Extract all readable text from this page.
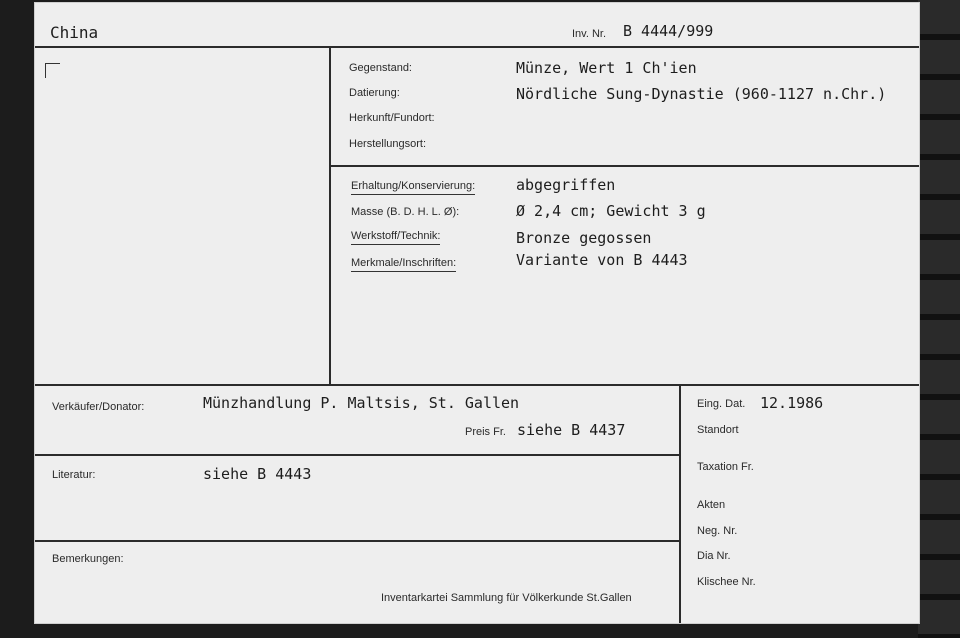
China	Inv. Nr. B 4444/999
Gegenstand:	Münze, Wert 1 Ch'ien
Datierung:	Nördliche Sung-Dynastie (960-1127 n.Chr.)
Herkunft/Fundort:
Herstellungsort:
Erhaltung/Konservierung:	abgegriffen
Masse (B. D. H. L. Ø):	Ø 2,4 cm; Gewicht 3 g
Werkstoff/Technik:	Bronze gegossen
Merkmale/Inschriften:	Variante von B 4443
Verkäufer/Donator:	Münzhandlung P. Maltsis, St. Gallen
Preis Fr. siehe B 4437
Literatur:	siehe B 4443
Bemerkungen:
Inventarkartei Sammlung für Völkerkunde St.Gallen
Eing. Dat. 12.1986
Standort
Taxation Fr.
Akten
Neg. Nr.
Dia Nr.
Klischee Nr.
